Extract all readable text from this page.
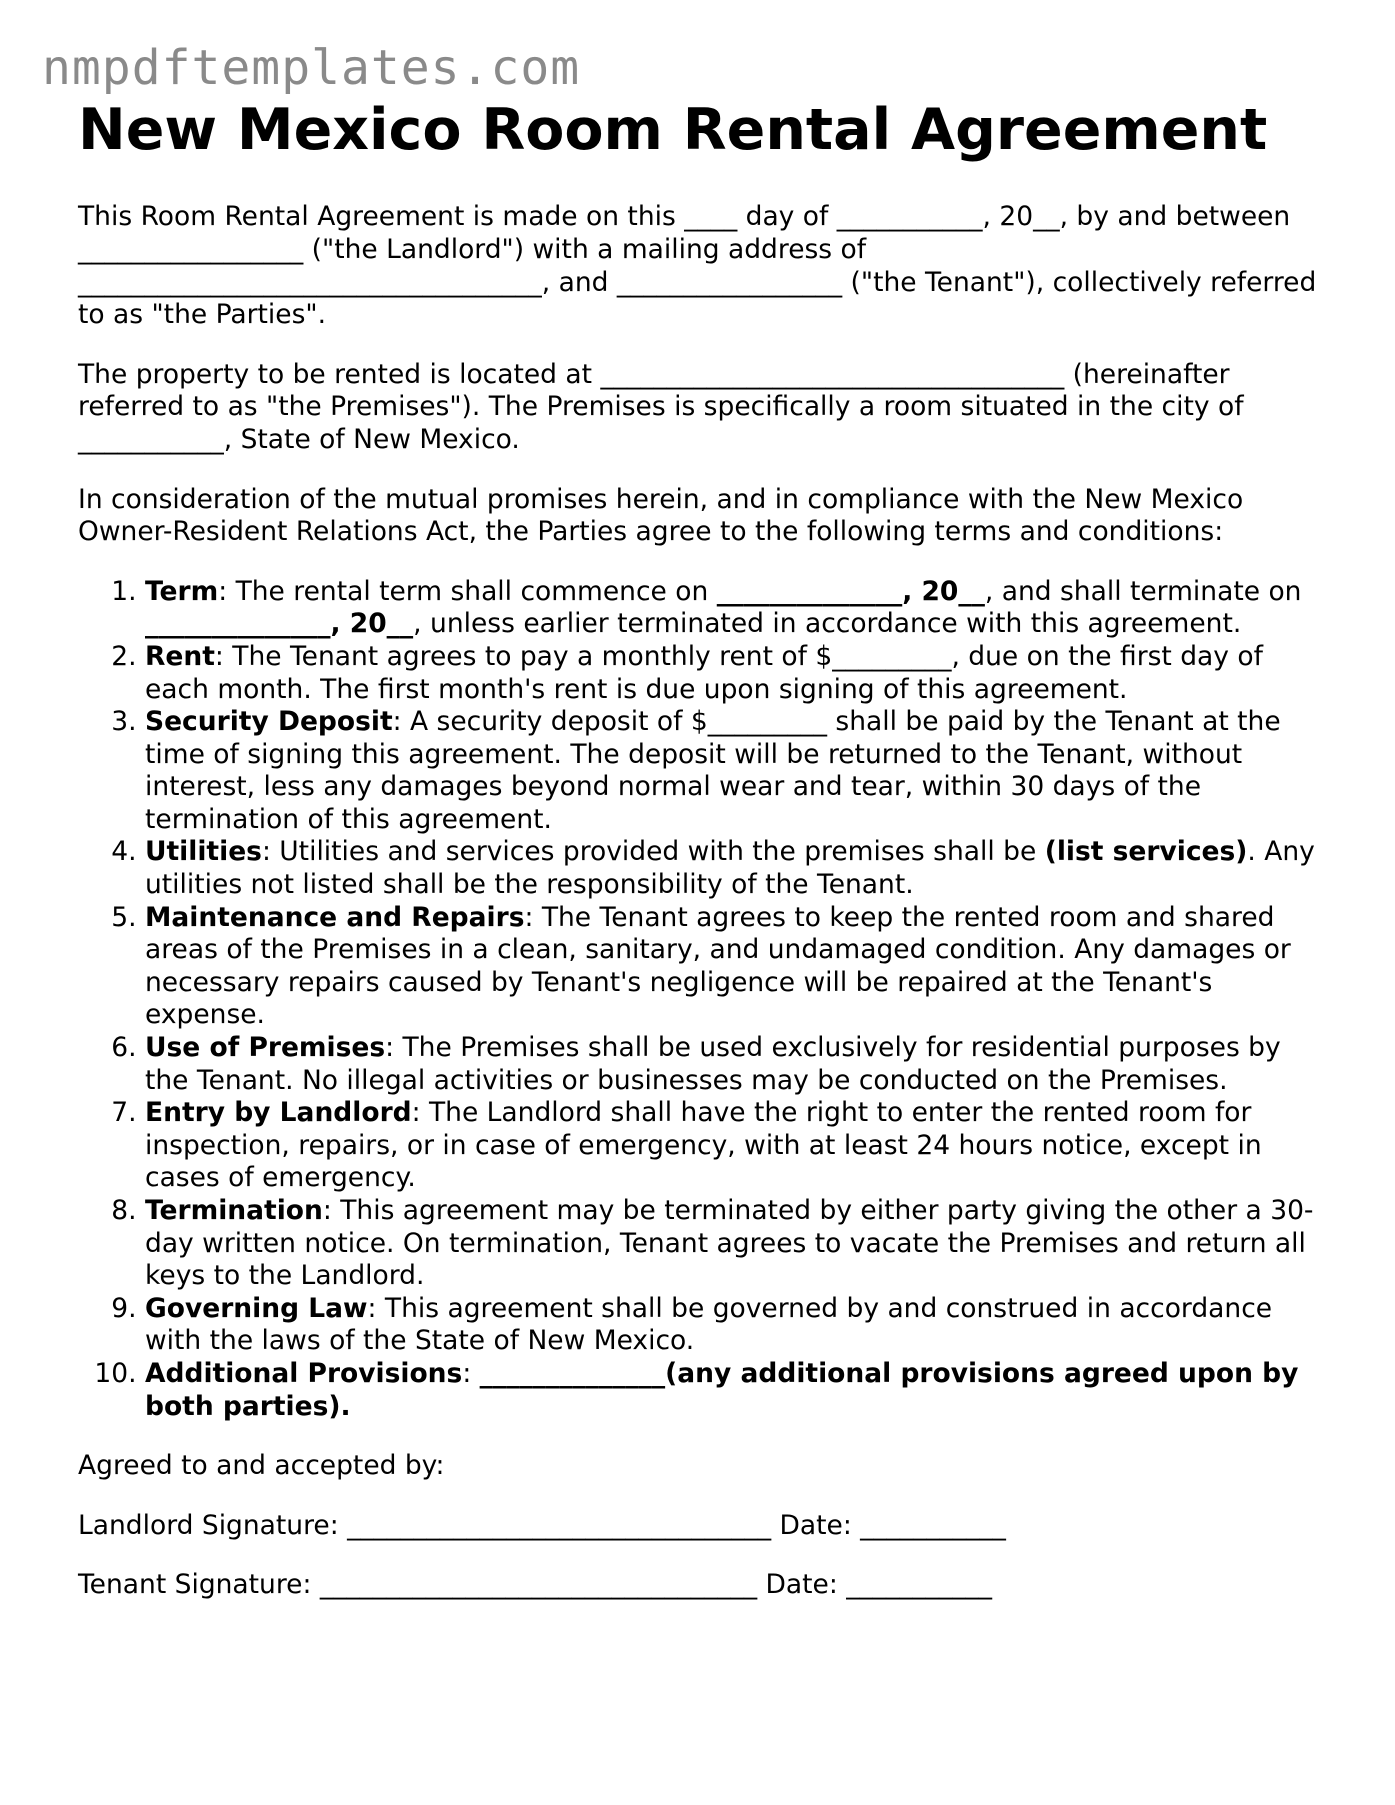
nmpdftemplates.com
New Mexico Room Rental Agreement

This Room Rental Agreement is made on this ____ day of ___________, 20__, by and between _________________ ("the Landlord") with a mailing address of ___________________________________, and _________________ ("the Tenant"), collectively referred to as "the Parties".

The property to be rented is located at ___________________________________ (hereinafter referred to as "the Premises"). The Premises is specifically a room situated in the city of ___________, State of New Mexico.

In consideration of the mutual promises herein, and in compliance with the New Mexico Owner-Resident Relations Act, the Parties agree to the following terms and conditions:

1. Term: The rental term shall commence on ______________, 20__, and shall terminate on ______________, 20__, unless earlier terminated in accordance with this agreement.
2. Rent: The Tenant agrees to pay a monthly rent of $_________, due on the first day of each month. The first month's rent is due upon signing of this agreement.
3. Security Deposit: A security deposit of $_________ shall be paid by the Tenant at the time of signing this agreement. The deposit will be returned to the Tenant, without interest, less any damages beyond normal wear and tear, within 30 days of the termination of this agreement.
4. Utilities: Utilities and services provided with the premises shall be (list services). Any utilities not listed shall be the responsibility of the Tenant.
5. Maintenance and Repairs: The Tenant agrees to keep the rented room and shared areas of the Premises in a clean, sanitary, and undamaged condition. Any damages or necessary repairs caused by Tenant's negligence will be repaired at the Tenant's expense.
6. Use of Premises: The Premises shall be used exclusively for residential purposes by the Tenant. No illegal activities or businesses may be conducted on the Premises.
7. Entry by Landlord: The Landlord shall have the right to enter the rented room for inspection, repairs, or in case of emergency, with at least 24 hours notice, except in cases of emergency.
8. Termination: This agreement may be terminated by either party giving the other a 30-day written notice. On termination, Tenant agrees to vacate the Premises and return all keys to the Landlord.
9. Governing Law: This agreement shall be governed by and construed in accordance with the laws of the State of New Mexico.
10. Additional Provisions: ______________(any additional provisions agreed upon by both parties).

Agreed to and accepted by:

Landlord Signature: ________________________________ Date: ___________

Tenant Signature: _________________________________ Date: ___________
